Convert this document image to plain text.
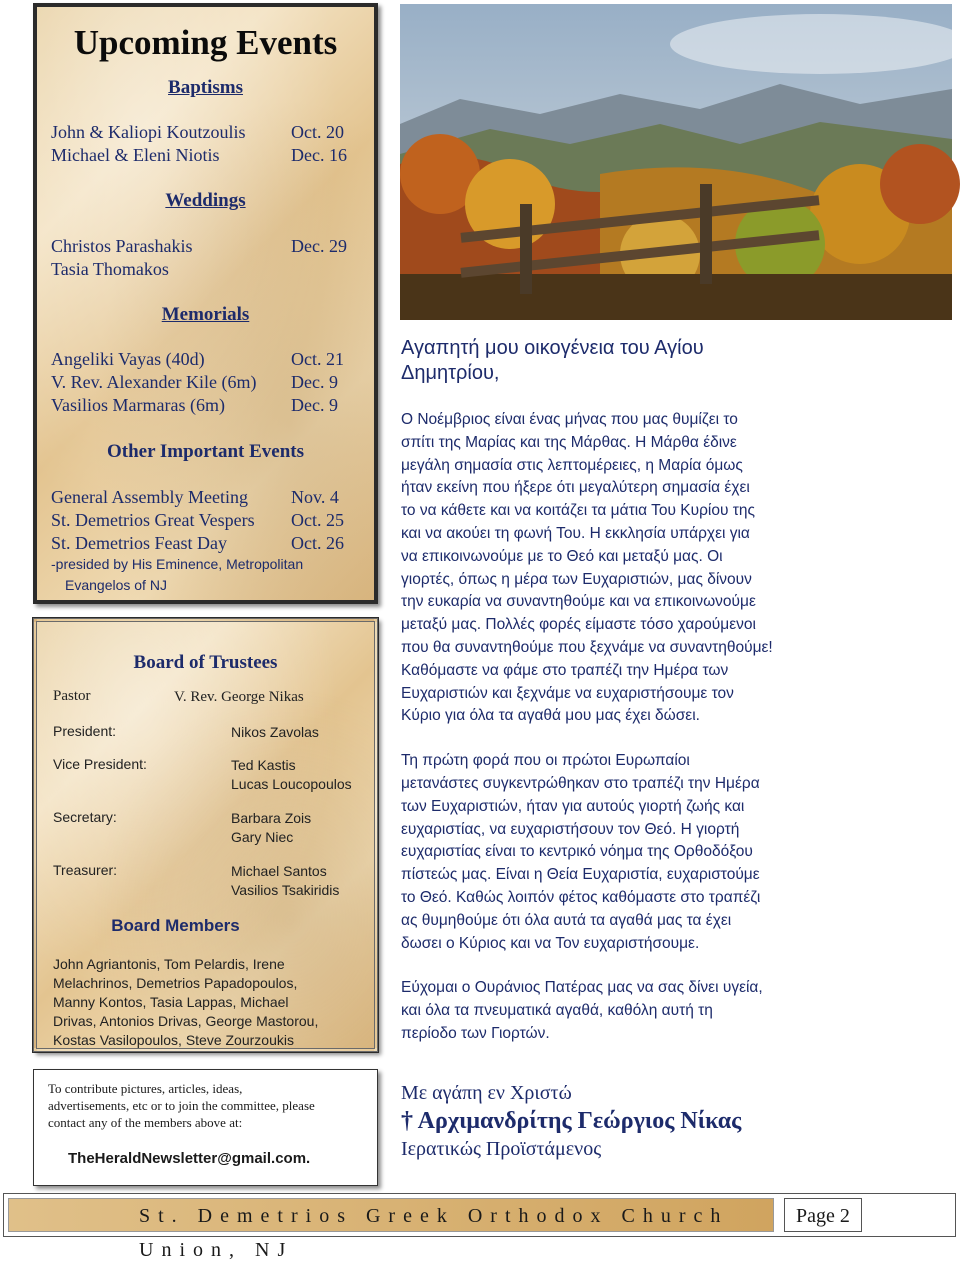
Upcoming Events
Baptisms
John & Kaliopi Koutzoulis	Oct. 20
Michael & Eleni Niotis	Dec. 16
Weddings
Christos Parashakis	Dec. 29
Tasia Thomakos
Memorials
Angeliki Vayas (40d)	Oct. 21
V. Rev. Alexander Kile (6m) Dec. 9
Vasilios Marmaras (6m)	Dec. 9
Other Important Events
General Assembly Meeting Nov. 4
St. Demetrios Great Vespers Oct. 25
St. Demetrios Feast Day	Oct. 26
-presided by His Eminence, Metropolitan
Evangelos of NJ
Board of Trustees
Pastor	V. Rev. George Nikas
President:	Nikos Zavolas
Vice President:	Ted Kastis
Lucas Loucopoulos
Secretary:	Barbara Zois
Gary Niec
Treasurer:	Michael Santos
Vasilios Tsakiridis
Board Members
John Agriantonis, Tom Pelardis, Irene
Melachrinos, Demetrios Papadopoulos,
Manny Kontos, Tasia Lappas, Michael
Drivas, Antonios Drivas, George Mastorou,
Kostas Vasilopoulos, Steve Zourzoukis
To contribute pictures, articles, ideas,
advertisements, etc or to join the committee, please
contact any of the members above at:
TheHeraldNewsletter@gmail.com.
Αγαπητή μου οικογένεια του Αγίου
Δημητρίου,

Ο Νοέμβριος είναι ένας μήνας που μας θυμίζει το
σπίτι της Μαρίας και της Μάρθας. Η Μάρθα έδινε
μεγάλη σημασία στις λεπτομέρειες, η Μαρία όμως
ήταν εκείνη που ήξερε ότι μεγαλύτερη σημασία έχει
το να κάθετε και να κοιτάζει τα μάτια Του Κυρίου της
και να ακούει τη φωνή Του. Η εκκλησία υπάρχει για
να επικοινωνούμε με το Θεό και μεταξύ μας. Οι
γιορτές, όπως η μέρα των Ευχαριστιών, μας δίνουν
την ευκαρία να συναντηθούμε και να επικοινωνούμε
μεταξύ μας. Πολλές φορές είμαστε τόσο χαρούμενοι
που θα συναντηθούμε που ξεχνάμε να συναντηθούμε!
Καθόμαστε να φάμε στο τραπέζι την Ημέρα των
Ευχαριστιών και ξεχνάμε να ευχαριστήσουμε τον
Κύριο για όλα τα αγαθά μου μας έχει δώσει.

Τη πρώτη φορά που οι πρώτοι Ευρωπαίοι
μετανάστες συγκεντρώθηκαν στο τραπέζι την Ημέρα
των Ευχαριστιών, ήταν για αυτούς γιορτή ζωής και
ευχαριστίας, να ευχαριστήσουν τον Θεό. Η γιορτή
ευχαριστίας είναι το κεντρικό νόημα της Ορθοδόξου
πίστεώς μας. Είναι η Θεία Ευχαριστία, ευχαριστούμε
το Θεό. Καθώς λοιπόν φέτος καθόμαστε στο τραπέζι
ας θυμηθούμε ότι όλα αυτά τα αγαθά μας τα έχει
δωσει ο Κύριος και να Τον ευχαριστήσουμε.

Εύχομαι ο Ουράνιος Πατέρας μας να σας δίνει υγεία,
και όλα τα πνευματικά αγαθά, καθόλη αυτή τη
περίοδο των Γιορτών.

Με αγάπη εν Χριστώ
† Αρχιμανδρίτης Γεώργιος Νίκας
Ιερατικώς Προϊστάμενος
St. Demetrios Greek Orthodox Church Union, NJ
Page 2
